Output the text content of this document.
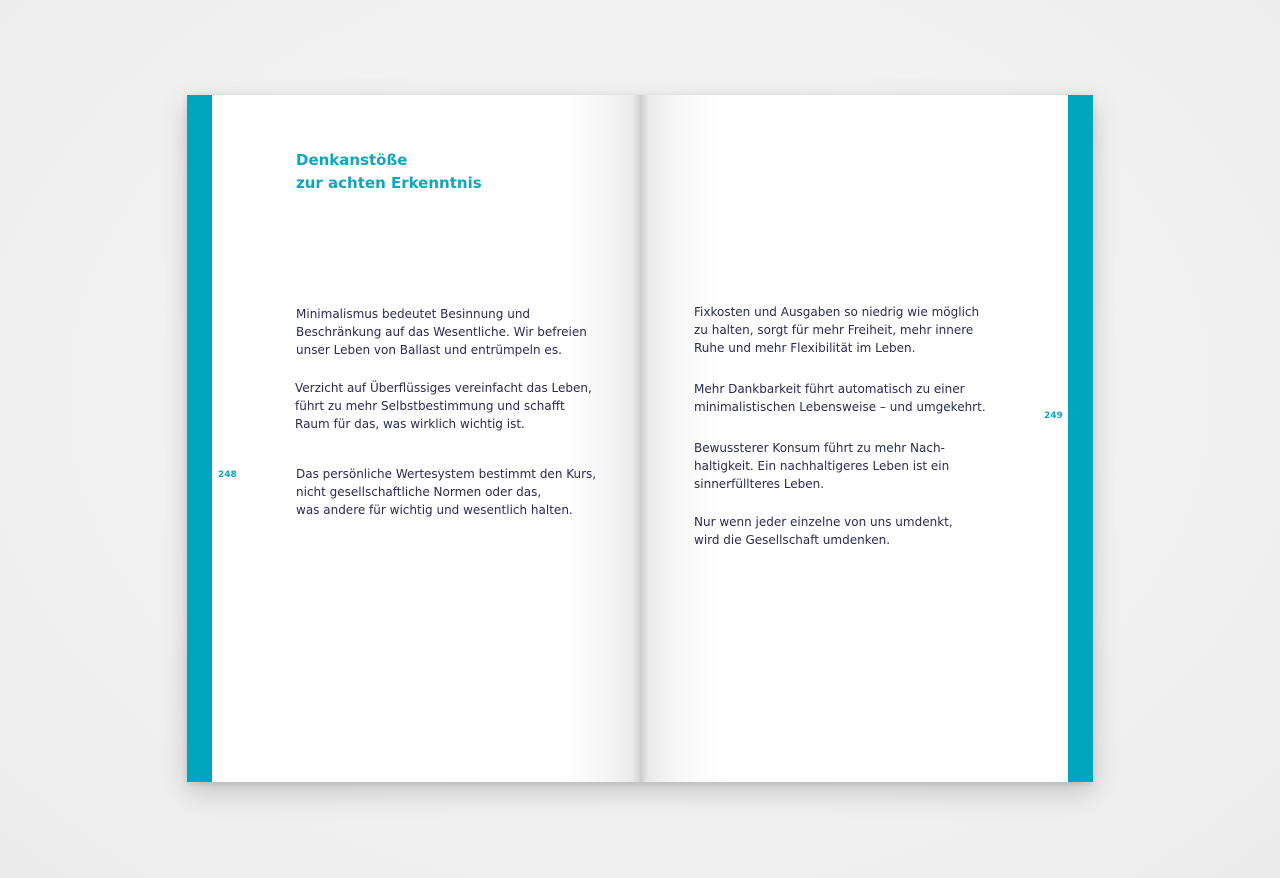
Denkanstöße
zur achten Erkenntnis

Minimalismus bedeutet Besinnung und
Beschränkung auf das Wesentliche. Wir befreien
unser Leben von Ballast und entrümpeln es.

Verzicht auf Überflüssiges vereinfacht das Leben,
führt zu mehr Selbstbestimmung und schafft
Raum für das, was wirklich wichtig ist.

Das persönliche Wertesystem bestimmt den Kurs,
nicht gesellschaftliche Normen oder das,
was andere für wichtig und wesentlich halten.

248

Fixkosten und Ausgaben so niedrig wie möglich
zu halten, sorgt für mehr Freiheit, mehr innere
Ruhe und mehr Flexibilität im Leben.

Mehr Dankbarkeit führt automatisch zu einer
minimalistischen Lebensweise – und umgekehrt.

Bewussterer Konsum führt zu mehr Nach-
haltigkeit. Ein nachhaltigeres Leben ist ein
sinnerfüllteres Leben.

Nur wenn jeder einzelne von uns umdenkt,
wird die Gesellschaft umdenken.

249
